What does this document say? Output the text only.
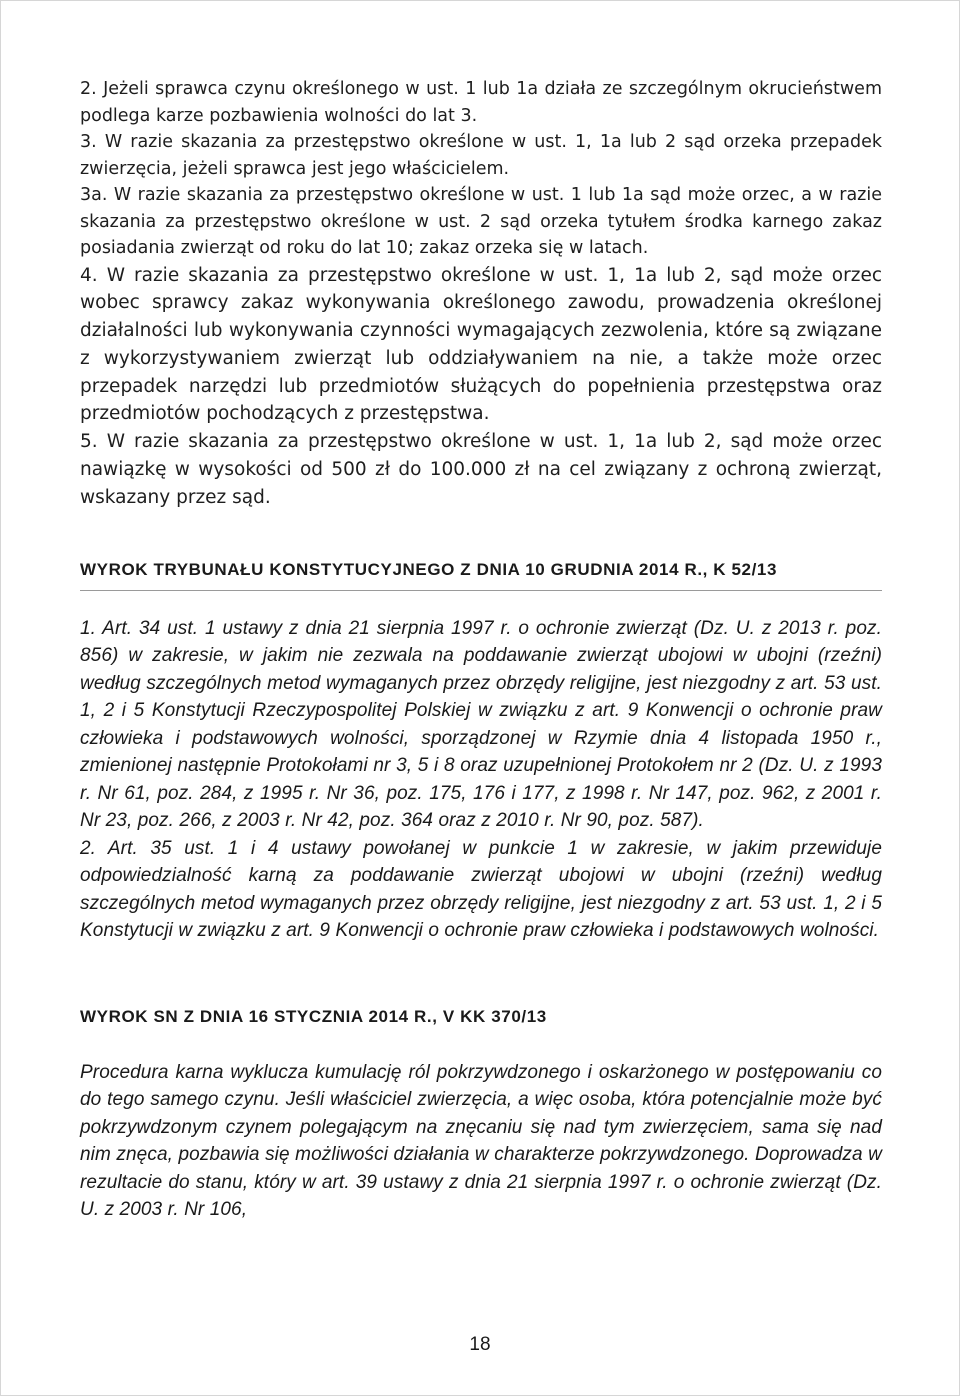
2. Jeżeli sprawca czynu określonego w ust. 1 lub 1a działa ze szczególnym okrucieństwem podlega karze pozbawienia wolności do lat 3.

3. W razie skazania za przestępstwo określone w ust. 1, 1a lub 2 sąd orzeka przepadek zwierzęcia, jeżeli sprawca jest jego właścicielem.

3a. W razie skazania za przestępstwo określone w ust. 1 lub 1a sąd może orzec, a w razie skazania za przestępstwo określone w ust. 2 sąd orzeka tytułem środka karnego zakaz posiadania zwierząt od roku do lat 10; zakaz orzeka się w latach.

4. W razie skazania za przestępstwo określone w ust. 1, 1a lub 2, sąd może orzec wobec sprawcy zakaz wykonywania określonego zawodu, prowadzenia określonej działalności lub wykonywania czynności wymagających zezwolenia, które są związane z wykorzystywaniem zwierząt lub oddziaływaniem na nie, a także może orzec przepadek narzędzi lub przedmiotów służących do popełnienia przestępstwa oraz przedmiotów pochodzących z przestępstwa.

5. W razie skazania za przestępstwo określone w ust. 1, 1a lub 2, sąd może orzec nawiązkę w wysokości od 500 zł do 100.000 zł na cel związany z ochroną zwierząt, wskazany przez sąd.

WYROK TRYBUNAŁU KONSTYTUCYJNEGO Z DNIA 10 GRUDNIA 2014 R., K 52/13

1. Art. 34 ust. 1 ustawy z dnia 21 sierpnia 1997 r. o ochronie zwierząt (Dz. U. z 2013 r. poz. 856) w zakresie, w jakim nie zezwala na poddawanie zwierząt ubojowi w ubojni (rzeźni) według szczególnych metod wymaganych przez obrzędy religijne, jest niezgodny z art. 53 ust. 1, 2 i 5 Konstytucji Rzeczypospolitej Polskiej w związku z art. 9 Konwencji o ochronie praw człowieka i podstawowych wolności, sporządzonej w Rzymie dnia 4 listopada 1950 r., zmienionej następnie Protokołami nr 3, 5 i 8 oraz uzupełnionej Protokołem nr 2 (Dz. U. z 1993 r. Nr 61, poz. 284, z 1995 r. Nr 36, poz. 175, 176 i 177, z 1998 r. Nr 147, poz. 962, z 2001 r. Nr 23, poz. 266, z 2003 r. Nr 42, poz. 364 oraz z 2010 r. Nr 90, poz. 587).

2. Art. 35 ust. 1 i 4 ustawy powołanej w punkcie 1 w zakresie, w jakim przewiduje odpowiedzialność karną za poddawanie zwierząt ubojowi w ubojni (rzeźni) według szczególnych metod wymaganych przez obrzędy religijne, jest niezgodny z art. 53 ust. 1, 2 i 5 Konstytucji w związku z art. 9 Konwencji o ochronie praw człowieka i podstawowych wolności.

WYROK SN Z DNIA 16 STYCZNIA 2014 R., V KK 370/13

Procedura karna wyklucza kumulację ról pokrzywdzonego i oskarżonego w postępowaniu co do tego samego czynu. Jeśli właściciel zwierzęcia, a więc osoba, która potencjalnie może być pokrzywdzonym czynem polegającym na znęcaniu się nad tym zwierzęciem, sama się nad nim znęca, pozbawia się możliwości działania w charakterze pokrzywdzonego. Doprowadza w rezultacie do stanu, który w art. 39 ustawy z dnia 21 sierpnia 1997 r. o ochronie zwierząt (Dz. U. z 2003 r. Nr 106,

18
